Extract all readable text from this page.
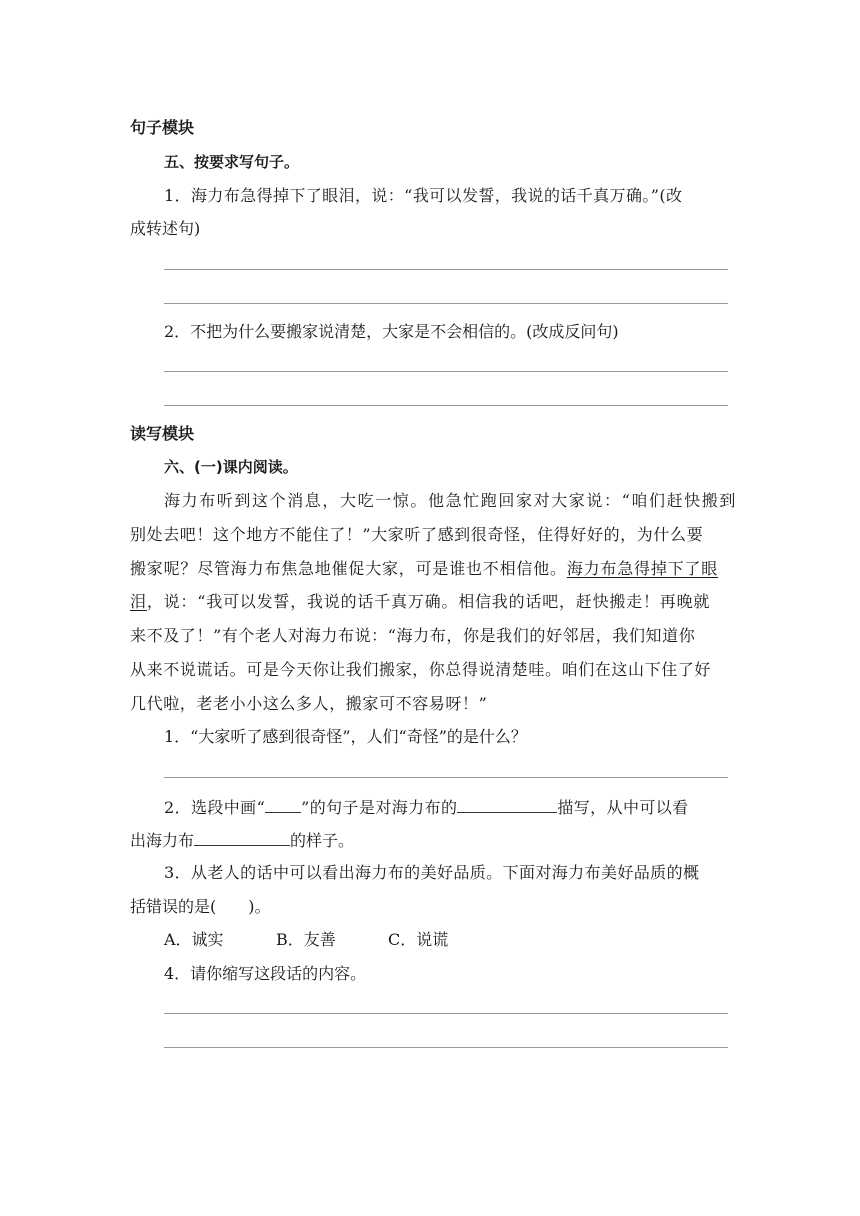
句子模块
五、按要求写句子。
1．海力布急得掉下了眼泪，说：“我可以发誓，我说的话千真万确。”(改
成转述句)
2．不把为什么要搬家说清楚，大家是不会相信的。(改成反问句)
读写模块
六、(一)课内阅读。
海力布听到这个消息，大吃一惊。他急忙跑回家对大家说：“咱们赶快搬到
别处去吧！这个地方不能住了！”大家听了感到很奇怪，住得好好的，为什么要
搬家呢？尽管海力布焦急地催促大家，可是谁也不相信他。海力布急得掉下了眼
泪，说：“我可以发誓，我说的话千真万确。相信我的话吧，赶快搬走！再晚就
来不及了！”有个老人对海力布说：“海力布，你是我们的好邻居，我们知道你
从来不说谎话。可是今天你让我们搬家，你总得说清楚哇。咱们在这山下住了好
几代啦，老老小小这么多人，搬家可不容易呀！”
1．“大家听了感到很奇怪”，人们“奇怪”的是什么？
2．选段中画“ ”的句子是对海力布的	描写，从中可以看
出海力布	的样子。
3．从老人的话中可以看出海力布的美好品质。下面对海力布美好品质的概
括错误的是(　　)。
A．诚实	B．友善	C．说谎
4．请你缩写这段话的内容。
